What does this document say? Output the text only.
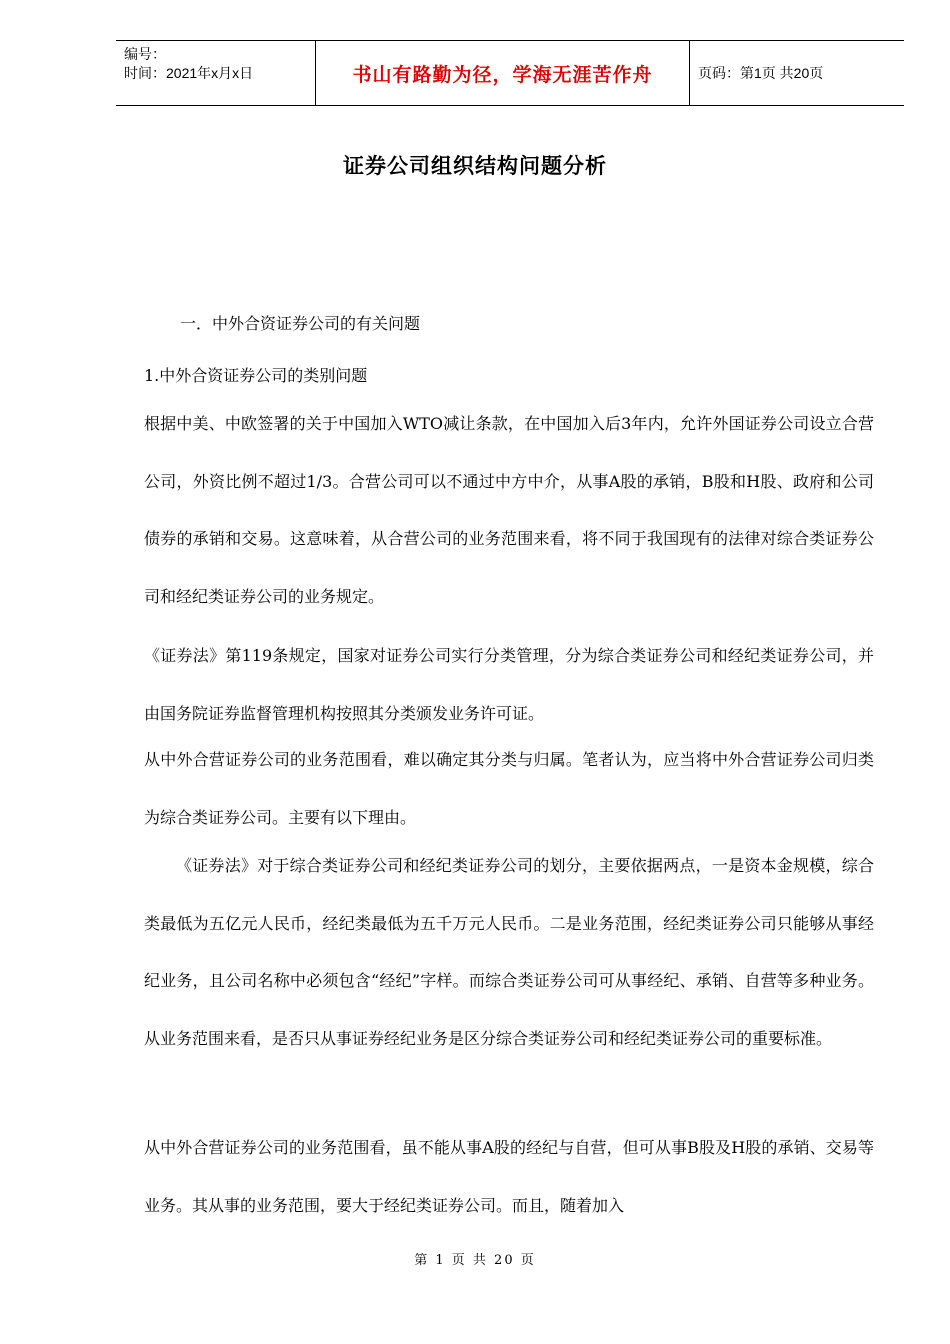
编号：
时间：2021年x月x日	书山有路勤为径，学海无涯苦作舟	页码：第1页 共20页
证券公司组织结构问题分析
一．中外合资证券公司的有关问题
1.中外合资证券公司的类别问题
根据中美、中欧签署的关于中国加入WTO减让条款，在中国加入后3年内，允许外国证券公司设立合营公司，外资比例不超过1/3。合营公司可以不通过中方中介，从事A股的承销，B股和H股、政府和公司债券的承销和交易。这意味着，从合营公司的业务范围来看，将不同于我国现有的法律对综合类证券公司和经纪类证券公司的业务规定。
《证券法》第119条规定，国家对证券公司实行分类管理，分为综合类证券公司和经纪类证券公司，并由国务院证券监督管理机构按照其分类颁发业务许可证。
从中外合营证券公司的业务范围看，难以确定其分类与归属。笔者认为，应当将中外合营证券公司归类为综合类证券公司。主要有以下理由。
《证券法》对于综合类证券公司和经纪类证券公司的划分，主要依据两点，一是资本金规模，综合类最低为五亿元人民币，经纪类最低为五千万元人民币。二是业务范围，经纪类证券公司只能够从事经纪业务，且公司名称中必须包含“经纪”字样。而综合类证券公司可从事经纪、承销、自营等多种业务。从业务范围来看，是否只从事证券经纪业务是区分综合类证券公司和经纪类证券公司的重要标准。
从中外合营证券公司的业务范围看，虽不能从事A股的经纪与自营，但可从事B股及H股的承销、交易等业务。其从事的业务范围，要大于经纪类证券公司。而且，随着加入
第 1 页 共 20 页
